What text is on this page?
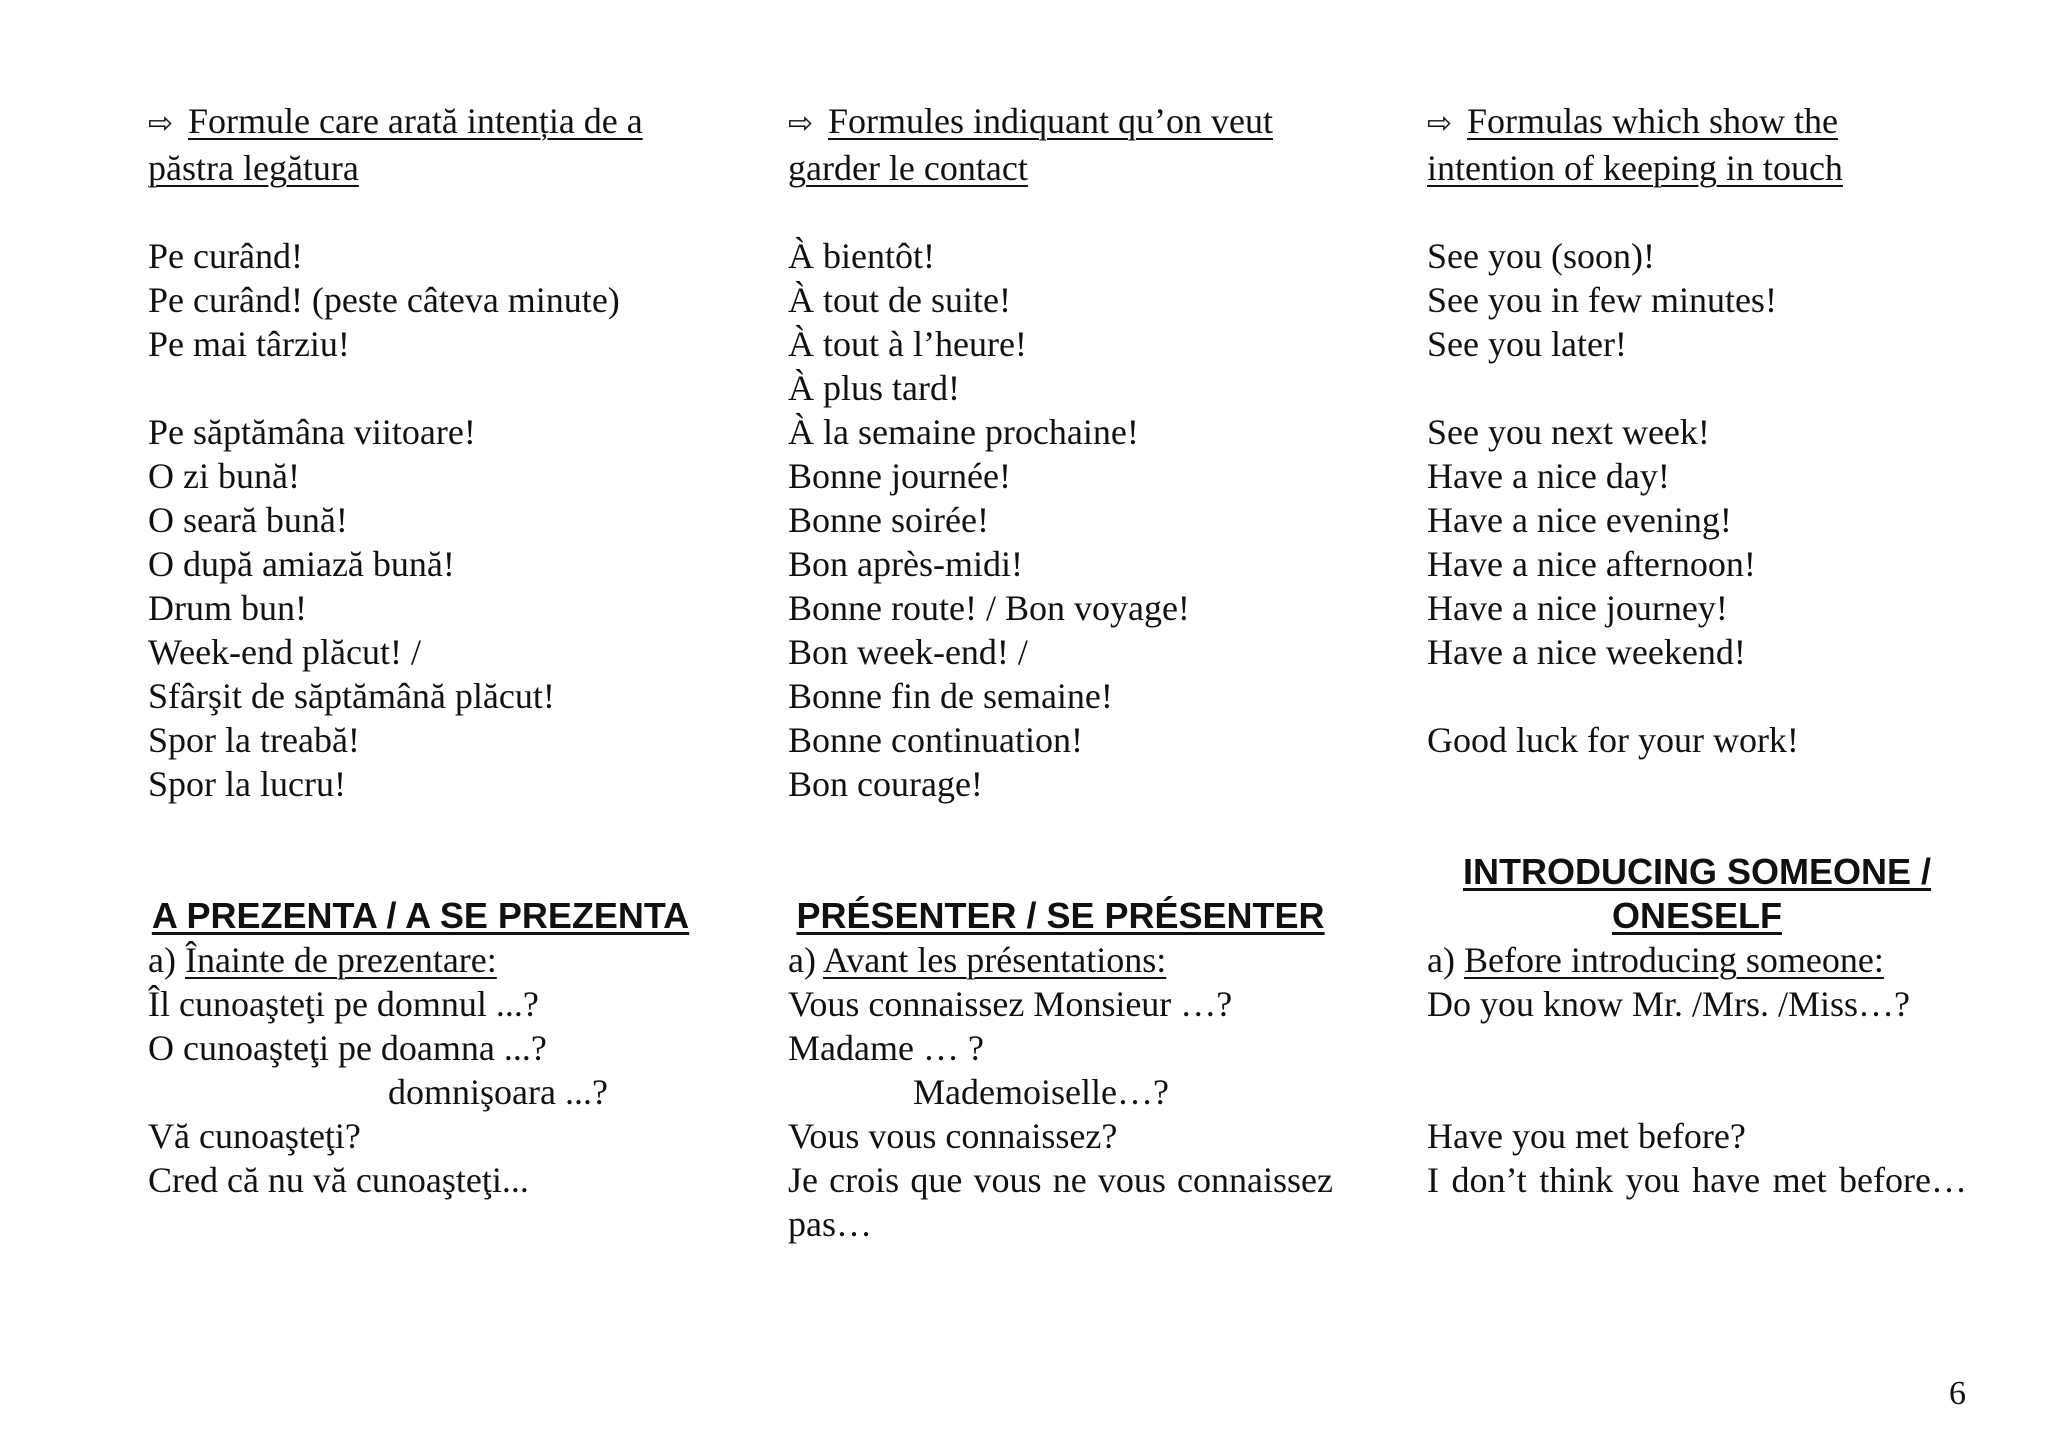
⇨ Formule care arată intenția de a păstra legătura
Pe curând!
Pe curând! (peste câteva minute)
Pe mai târziu!
Pe săptămâna viitoare!
O zi bună!
O seară bună!
O după amiază bună!
Drum bun!
Week-end plăcut! /
Sfârşit de săptămână plăcut!
Spor la treabă!
Spor la lucru!
A PREZENTA / A SE PREZENTA
a) Înainte de prezentare:
Îl cunoaşteţi pe domnul ...?
O cunoaşteţi pe doamna ...?
domnişoara ...?
Vă cunoaşteţi?
Cred că nu vă cunoaşteţi...
⇨ Formules indiquant qu’on veut garder le contact
À bientôt!
À tout de suite!
À tout à l’heure!
À plus tard!
À la semaine prochaine!
Bonne journée!
Bonne soirée!
Bon après-midi!
Bonne route! / Bon voyage!
Bon week-end! /
Bonne fin de semaine!
Bonne continuation!
Bon courage!
PRÉSENTER / SE PRÉSENTER
a) Avant les présentations:
Vous connaissez Monsieur …?
Madame … ?
Mademoiselle…?
Vous vous connaissez?
Je crois que vous ne vous connaissez pas…
⇨ Formulas which show the intention of keeping in touch
See you (soon)!
See you in few minutes!
See you later!
See you next week!
Have a nice day!
Have a nice evening!
Have a nice afternoon!
Have a nice journey!
Have a nice weekend!
Good luck for your work!
INTRODUCING SOMEONE / ONESELF
a) Before introducing someone:
Do you know Mr. /Mrs. /Miss…?
Have you met before?
I don’t think you have met before…
6
